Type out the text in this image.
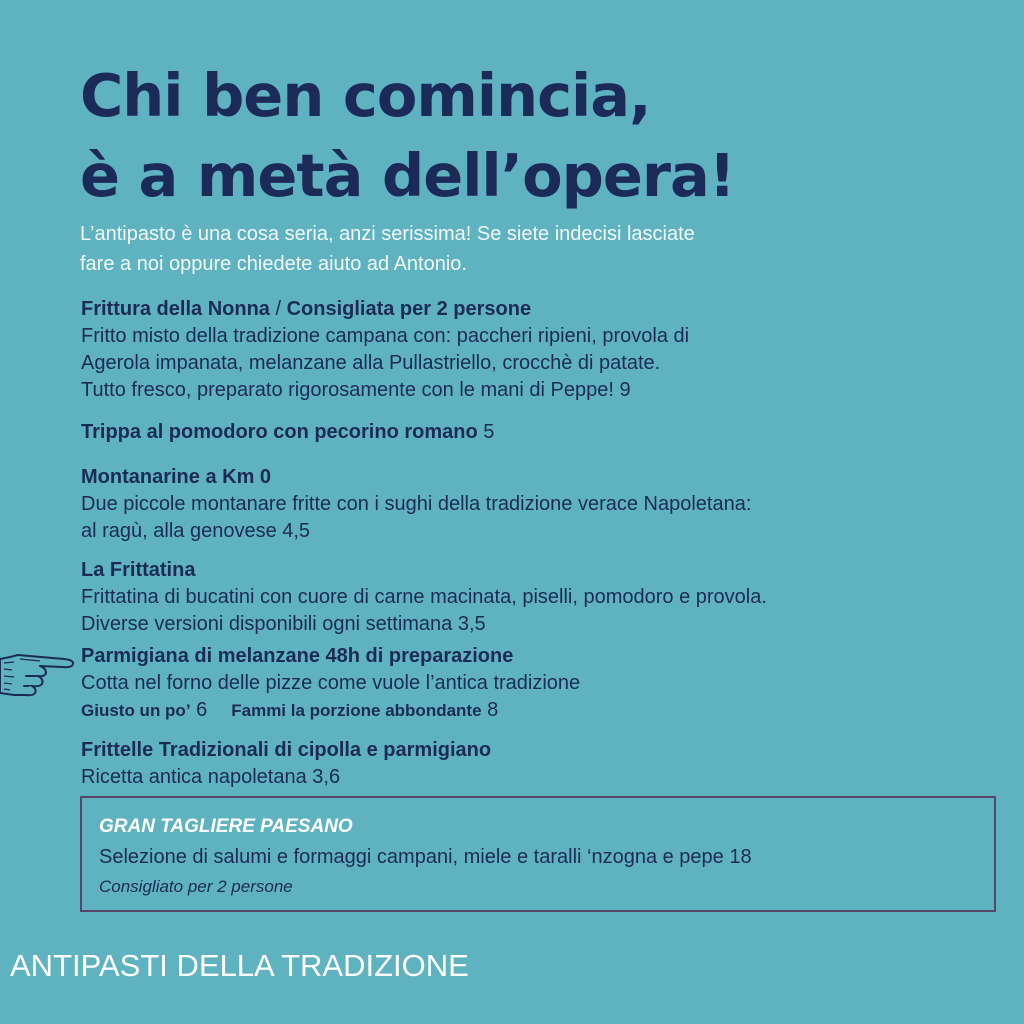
Chi ben comincia,
è a metà dell’opera!

L’antipasto è una cosa seria, anzi serissima! Se siete indecisi lasciate
fare a noi oppure chiedete aiuto ad Antonio.

Frittura della Nonna / Consigliata per 2 persone
Fritto misto della tradizione campana con: paccheri ripieni, provola di
Agerola impanata, melanzane alla Pullastriello, crocchè di patate.
Tutto fresco, preparato rigorosamente con le mani di Peppe! 9
Trippa al pomodoro con pecorino romano 5
Montanarine a Km 0
Due piccole montanare fritte con i sughi della tradizione verace Napoletana:
al ragù, alla genovese 4,5
La Frittatina
Frittatina di bucatini con cuore di carne macinata, piselli, pomodoro e provola.
Diverse versioni disponibili ogni settimana 3,5
Parmigiana di melanzane 48h di preparazione
Cotta nel forno delle pizze come vuole l’antica tradizione
Giusto un po’ 6 Fammi la porzione abbondante 8
Frittelle Tradizionali di cipolla e parmigiano
Ricetta antica napoletana 3,6
GRAN TAGLIERE PAESANO
Selezione di salumi e formaggi campani, miele e taralli ‘nzogna e pepe 18
Consigliato per 2 persone
ANTIPASTI DELLA TRADIZIONE
